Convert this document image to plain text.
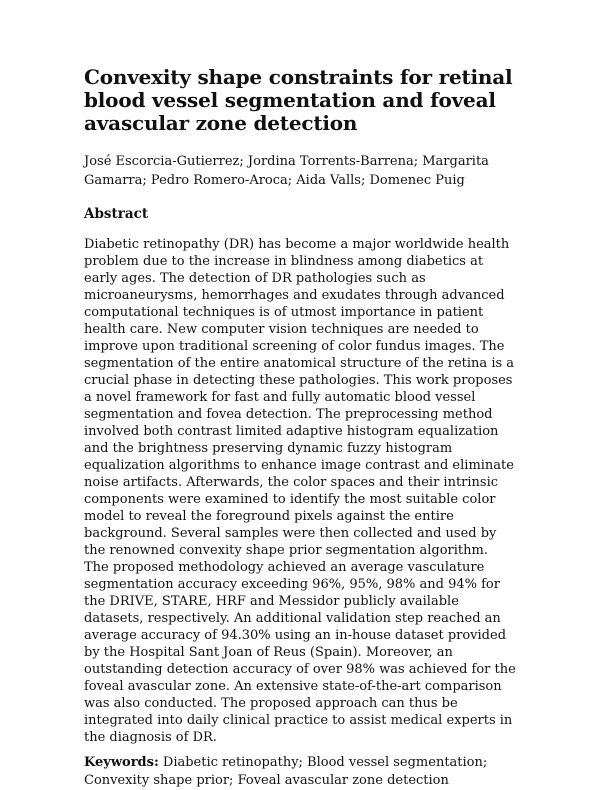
Convexity shape constraints for retinal blood vessel segmentation and foveal avascular zone detection

José Escorcia-Gutierrez; Jordina Torrents-Barrena; Margarita Gamarra; Pedro Romero-Aroca; Aida Valls; Domenec Puig

Abstract

Diabetic retinopathy (DR) has become a major worldwide health problem due to the increase in blindness among diabetics at early ages. The detection of DR pathologies such as microaneurysms, hemorrhages and exudates through advanced computational techniques is of utmost importance in patient health care. New computer vision techniques are needed to improve upon traditional screening of color fundus images. The segmentation of the entire anatomical structure of the retina is a crucial phase in detecting these pathologies. This work proposes a novel framework for fast and fully automatic blood vessel segmentation and fovea detection. The preprocessing method involved both contrast limited adaptive histogram equalization and the brightness preserving dynamic fuzzy histogram equalization algorithms to enhance image contrast and eliminate noise artifacts. Afterwards, the color spaces and their intrinsic components were examined to identify the most suitable color model to reveal the foreground pixels against the entire background. Several samples were then collected and used by the renowned convexity shape prior segmentation algorithm. The proposed methodology achieved an average vasculature segmentation accuracy exceeding 96%, 95%, 98% and 94% for the DRIVE, STARE, HRF and Messidor publicly available datasets, respectively. An additional validation step reached an average accuracy of 94.30% using an in-house dataset provided by the Hospital Sant Joan of Reus (Spain). Moreover, an outstanding detection accuracy of over 98% was achieved for the foveal avascular zone. An extensive state-of-the-art comparison was also conducted. The proposed approach can thus be integrated into daily clinical practice to assist medical experts in the diagnosis of DR.

Keywords: Diabetic retinopathy; Blood vessel segmentation; Convexity shape prior; Foveal avascular zone detection
